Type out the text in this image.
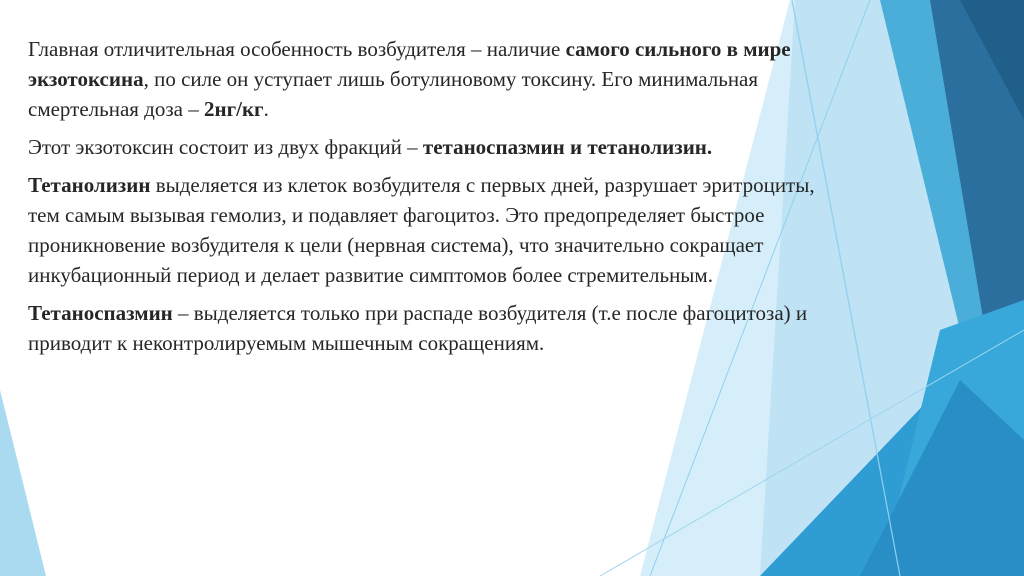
Главная отличительная особенность возбудителя – наличие самого сильного в мире экзотоксина, по силе он уступает лишь ботулиновому токсину. Его минимальная смертельная доза – 2нг/кг.

Этот экзотоксин состоит из двух фракций – тетаноспазмин и тетанолизин.

Тетанолизин выделяется из клеток возбудителя с первых дней, разрушает эритроциты, тем самым вызывая гемолиз, и подавляет фагоцитоз. Это предопределяет быстрое проникновение возбудителя к цели (нервная система), что значительно сокращает инкубационный период и делает развитие симптомов более стремительным.

Тетаноспазмин – выделяется только при распаде возбудителя (т.е после фагоцитоза) и приводит к неконтролируемым мышечным сокращениям.
